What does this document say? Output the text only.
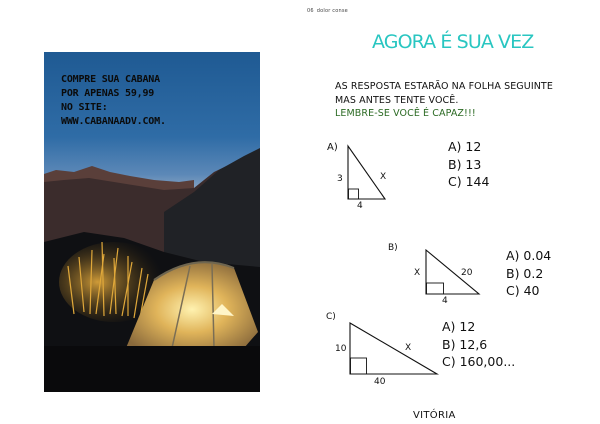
06 dolor conse
AGORA É SUA VEZ
COMPRE SUA CABANA
POR APENAS 59,99
NO SITE:
WWW.CABANAADV.COM.
AS RESPOSTA ESTARÃO NA FOLHA SEGUINTE
MAS ANTES TENTE VOCÊ.
LEMBRE-SE VOCÊ É CAPAZ!!!
A)
3
4
X
A) 12
B) 13
C) 144
B)
X
4
20
A) 0.04
B) 0.2
C) 40
C)
10
40
X
A) 12
B) 12,6
C) 160,00...
VITÓRIA
